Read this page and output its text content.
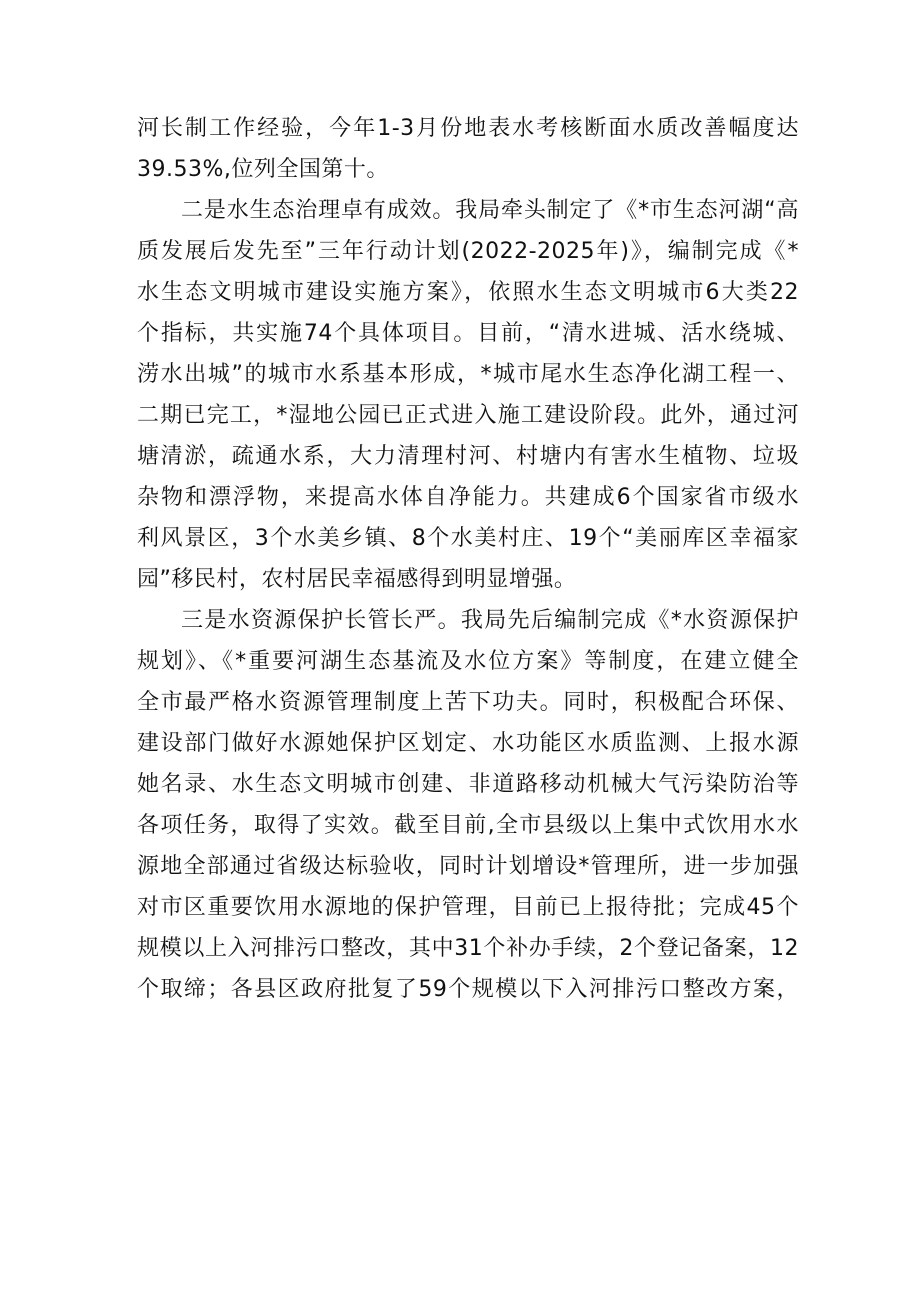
河长制工作经验，今年1-3月份地表水考核断面水质改善幅度达
39.53%,位列全国第十。
二是水生态治理卓有成效。我局牵头制定了《*市生态河湖“高
质发展后发先至”三年行动计划(2022-2025年)》，编制完成《*
水生态文明城市建设实施方案》，依照水生态文明城市6大类22
个指标，共实施74个具体项目。目前，“清水进城、活水绕城、
涝水出城”的城市水系基本形成，*城市尾水生态净化湖工程一、
二期已完工，*湿地公园已正式进入施工建设阶段。此外，通过河
塘清淤，疏通水系，大力清理村河、村塘内有害水生植物、垃圾
杂物和漂浮物，来提高水体自净能力。共建成6个国家省市级水
利风景区，3个水美乡镇、8个水美村庄、19个“美丽库区幸福家
园”移民村，农村居民幸福感得到明显增强。
三是水资源保护长管长严。我局先后编制完成《*水资源保护
规划》、《*重要河湖生态基流及水位方案》等制度，在建立健全
全市最严格水资源管理制度上苦下功夫。同时，积极配合环保、
建设部门做好水源她保护区划定、水功能区水质监测、上报水源
她名录、水生态文明城市创建、非道路移动机械大气污染防治等
各项任务，取得了实效。截至目前,全市县级以上集中式饮用水水
源地全部通过省级达标验收，同时计划增设*管理所，进一步加强
对市区重要饮用水源地的保护管理，目前已上报待批；完成45个
规模以上入河排污口整改，其中31个补办手续，2个登记备案，12
个取缔；各县区政府批复了59个规模以下入河排污口整改方案，
